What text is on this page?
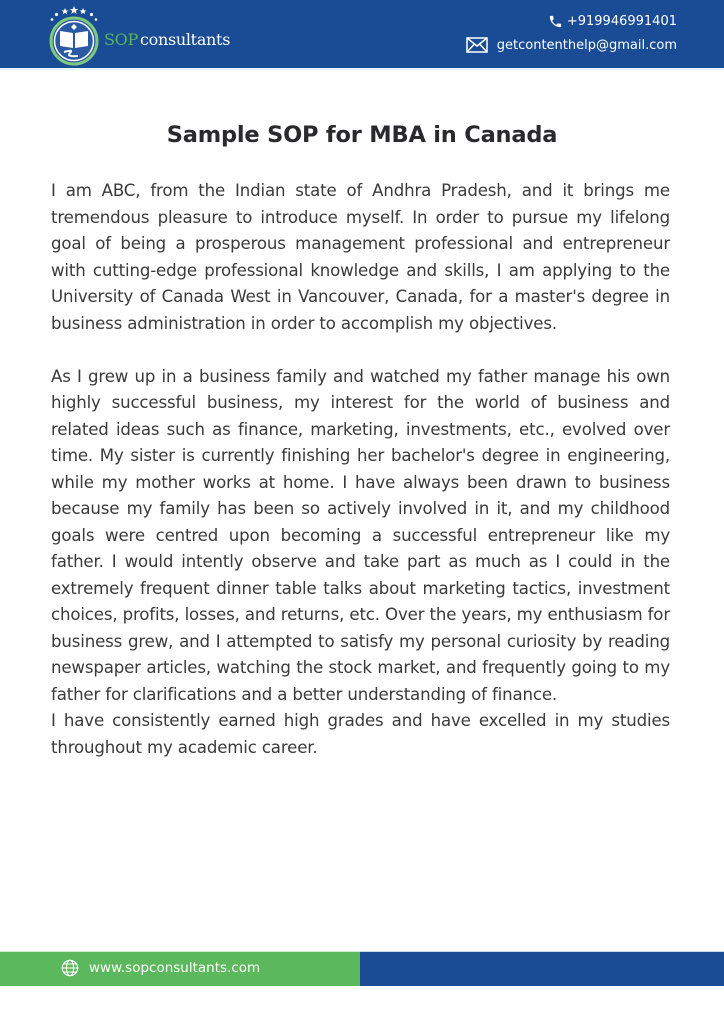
SOP consultants
+919946991401
getcontenthelp@gmail.com
Sample SOP for MBA in Canada

I am ABC, from the Indian state of Andhra Pradesh, and it brings me tremendous pleasure to introduce myself. In order to pursue my lifelong goal of being a prosperous management professional and entrepreneur with cutting-edge professional knowledge and skills, I am applying to the University of Canada West in Vancouver, Canada, for a master's degree in business administration in order to accomplish my objectives.

As I grew up in a business family and watched my father manage his own highly successful business, my interest for the world of business and related ideas such as finance, marketing, investments, etc., evolved over time. My sister is currently finishing her bachelor's degree in engineering, while my mother works at home. I have always been drawn to business because my family has been so actively involved in it, and my childhood goals were centred upon becoming a successful entrepreneur like my father. I would intently observe and take part as much as I could in the extremely frequent dinner table talks about marketing tactics, investment choices, profits, losses, and returns, etc. Over the years, my enthusiasm for business grew, and I attempted to satisfy my personal curiosity by reading newspaper articles, watching the stock market, and frequently going to my father for clarifications and a better understanding of finance.

I have consistently earned high grades and have excelled in my studies throughout my academic career.

www.sopconsultants.com
